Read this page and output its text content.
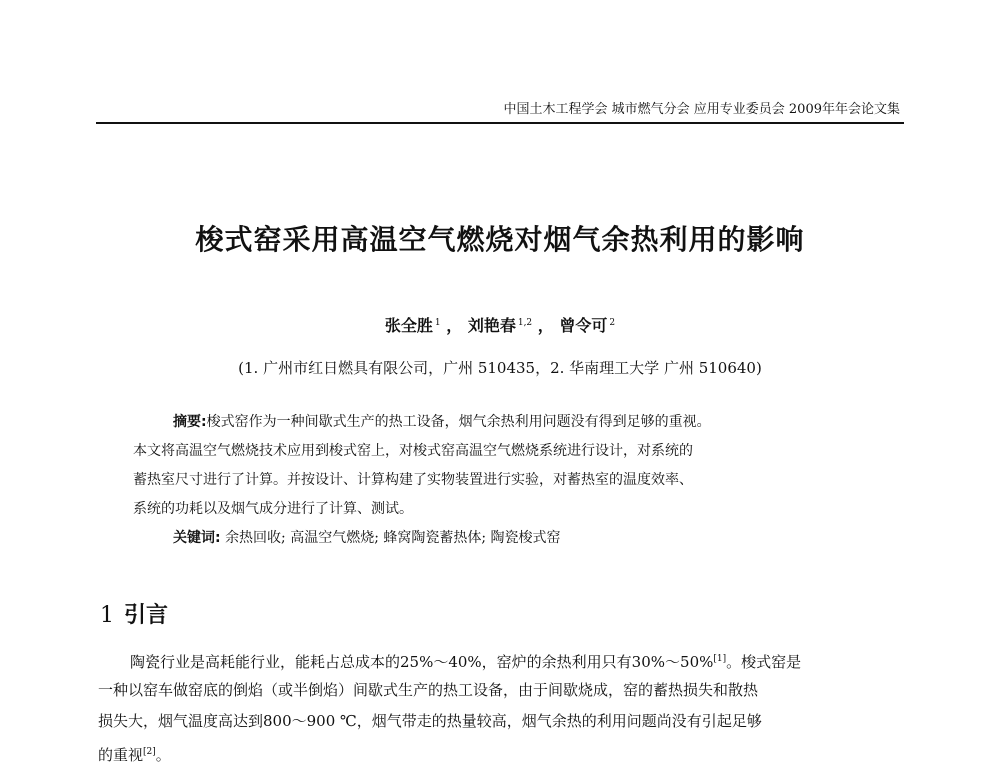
中国土木工程学会 城市燃气分会 应用专业委员会 2009年年会论文集
梭式窑采用高温空气燃烧对烟气余热利用的影响
张全胜 $^1$ ， 刘艳春 $^{1,2}$ ， 曾令可 $^2$
(1. 广州市红日燃具有限公司，广州 510435，2. 华南理工大学 广州 510640)
摘要:梭式窑作为一种间歇式生产的热工设备，烟气余热利用问题没有得到足够的重视。
本文将高温空气燃烧技术应用到梭式窑上，对梭式窑高温空气燃烧系统进行设计，对系统的
蓄热室尺寸进行了计算。并按设计、计算构建了实物装置进行实验，对蓄热室的温度效率、
系统的功耗以及烟气成分进行了计算、测试。
关键词: 余热回收; 高温空气燃烧; 蜂窝陶瓷蓄热体; 陶瓷梭式窑
1 引言
陶瓷行业是高耗能行业，能耗占总成本的25%～40%，窑炉的余热利用只有30%～50%[1]。梭式窑是
一种以窑车做窑底的倒焰（或半倒焰）间歇式生产的热工设备，由于间歇烧成，窑的蓄热损失和散热
损失大，烟气温度高达到800～900 ℃，烟气带走的热量较高，烟气余热的利用问题尚没有引起足够
的重视[2]。
